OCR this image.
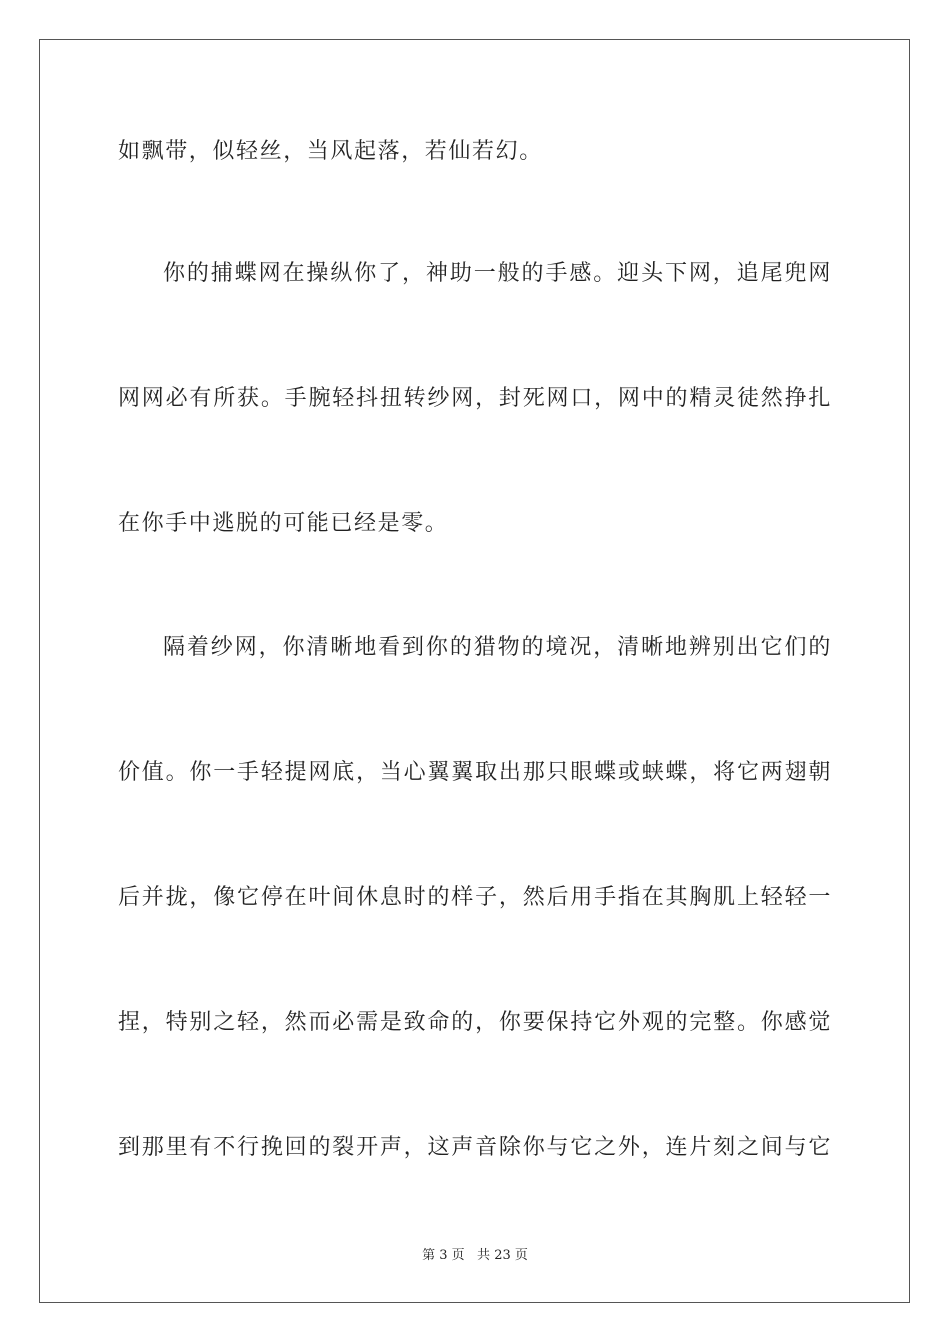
如飘带，似轻丝，当风起落，若仙若幻。
你的捕蝶网在操纵你了，神助一般的手感。迎头下网，追尾兜网
网网必有所获。手腕轻抖扭转纱网，封死网口，网中的精灵徒然挣扎
在你手中逃脱的可能已经是零。
隔着纱网，你清晰地看到你的猎物的境况，清晰地辨别出它们的
价值。你一手轻提网底，当心翼翼取出那只眼蝶或蛱蝶，将它两翅朝
后并拢，像它停在叶间休息时的样子，然后用手指在其胸肌上轻轻一
捏，特别之轻，然而必需是致命的，你要保持它外观的完整。你感觉
到那里有不行挽回的裂开声，这声音除你与它之外，连片刻之间与它
第 3 页   共 23 页
